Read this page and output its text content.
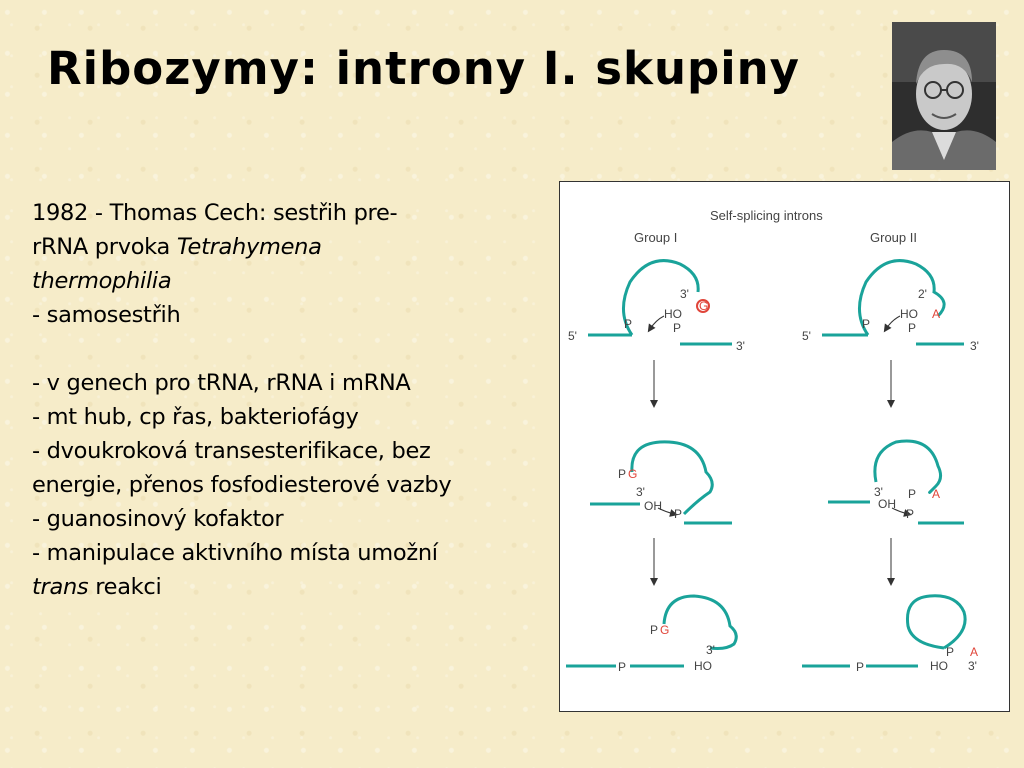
Ribozymy: introny I. skupiny
1982 - Thomas Cech: sestřih pre-
rRNA prvoka Tetrahymena
thermophilia
- samosestřih
- v genech pro tRNA, rRNA i mRNA
- mt hub, cp řas, bakteriofágy
- dvoukroková transesterifikace, bez
energie, přenos fosfodiesterové vazby
- guanosinový kofaktor
- manipulace aktivního místa umožní
trans reakci
Self-splicing introns
Group I	Group II
5'
P
HO
3'
G
P
3'
P G
3'
OH
P
P
P G
3'
HO
5'
P
HO A
2'
P
3'
3'
OH
P A
P
P
P A
HO 3'
